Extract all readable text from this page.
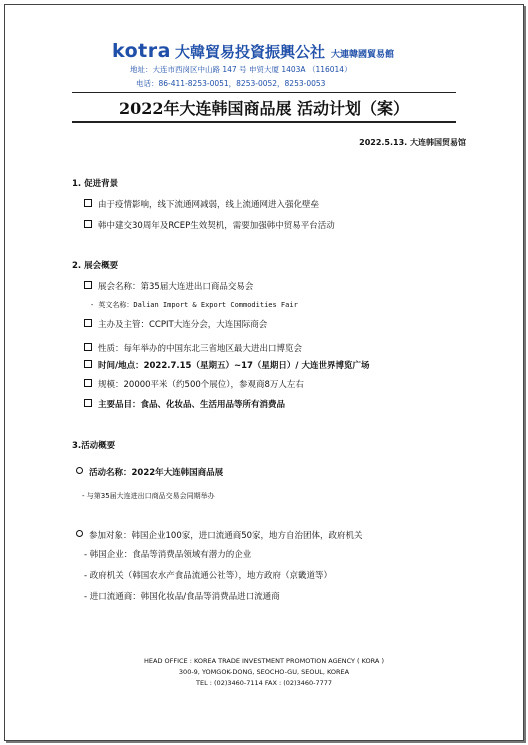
kotra 大韓貿易投資振興公社 大連韓國貿易館
地址：大连市西岗区中山路 147 号 申贸大厦 1403A （116014）
电话：86-411-8253-0051，8253-0052，8253-0053
2022年大连韩国商品展 活动计划（案）
2022.5.13. 大连韩国贸易馆
1. 促进背景
由于疫情影响，线下流通网减弱，线上流通网进入强化壁垒
韩中建交30周年及RCEP生效契机，需要加强韩中贸易平台活动
2. 展会概要
展会名称：第35届大连进出口商品交易会
- 英文名称：Dalian Import & Export Commodities Fair
主办及主管：CCPIT大连分会，大连国际商会
性质：每年举办的中国东北三省地区最大进出口博览会
时间/地点：2022.7.15（星期五）~17（星期日）/ 大连世界博览广场
规模：20000平米（约500个展位），参观商8万人左右
主要品目：食品、化妆品、生活用品等所有消费品
3.活动概要
活动名称：2022年大连韩国商品展
- 与第35届大连进出口商品交易会同期举办
参加对象：韩国企业100家，进口流通商50家，地方自治团体，政府机关
- 韩国企业：食品等消费品领域有潜力的企业
- 政府机关（韩国农水产食品流通公社等），地方政府（京畿道等）
- 进口流通商：韩国化妆品/食品等消费品进口流通商
HEAD OFFICE : KOREA TRADE INVESTMENT PROMOTION AGENCY ( KORA )
300-9, YOMGOK-DONG, SEOCHO-GU, SEOUL, KOREA
TEL : (02)3460-7114 FAX : (02)3460-7777
